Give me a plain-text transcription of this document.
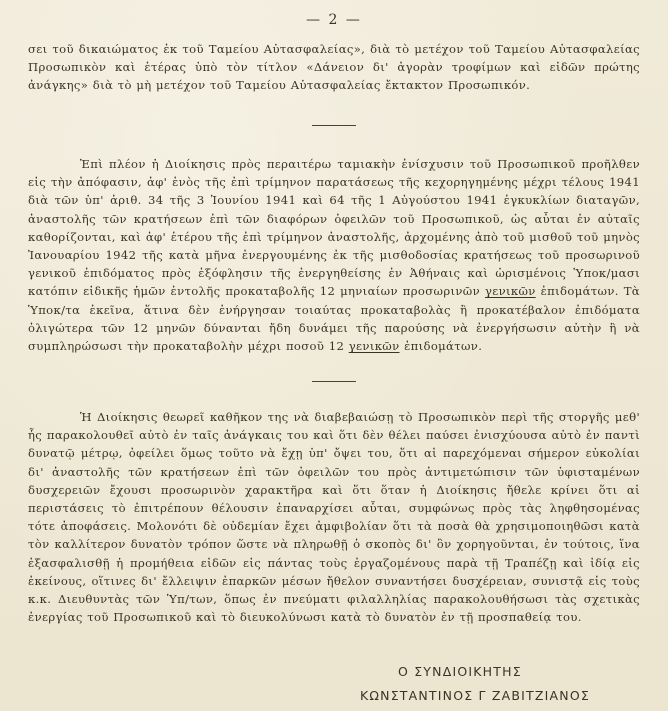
— 2 —

σει τοῦ δικαιώματος ἐκ τοῦ Ταμείου Αὐτασφαλείας», διὰ τὸ μετέχον τοῦ Ταμείου Αὐτασφαλείας Προσωπικὸν καὶ ἑτέρας ὑπὸ τὸν τίτλον «Δάνειον δι' ἀγορὰν τροφίμων καὶ εἰδῶν πρώτης ἀνάγκης» διὰ τὸ μὴ μετέχον τοῦ Ταμείου Αὐτασφαλείας ἔκτακτον Προσωπικόν.

Ἐπὶ πλέον ἡ Διοίκησις πρὸς περαιτέρω ταμιακὴν ἐνίσχυσιν τοῦ Προσωπικοῦ προῆλθεν εἰς τὴν ἀπόφασιν, ἀφ' ἑνὸς τῆς ἐπὶ τρίμηνον παρατάσεως τῆς κεχορηγημένης μέχρι τέλους 1941 διὰ τῶν ὑπ' ἀριθ. 34 τῆς 3 Ἰουνίου 1941 καὶ 64 τῆς 1 Αὐγούστου 1941 ἐγκυκλίων διαταγῶν, ἀναστολῆς τῶν κρατήσεων ἐπὶ τῶν διαφόρων ὀφειλῶν τοῦ Προσωπικοῦ, ὡς αὗται ἐν αὐταῖς καθορίζονται, καὶ ἀφ' ἑτέρου τῆς ἐπὶ τρίμηνον ἀναστολῆς, ἀρχομένης ἀπὸ τοῦ μισθοῦ τοῦ μηνὸς Ἰανουαρίου 1942 τῆς κατὰ μῆνα ἐνεργουμένης ἐκ τῆς μισθοδοσίας κρατήσεως τοῦ προσωρινοῦ γενικοῦ ἐπιδόματος πρὸς ἐξόφλησιν τῆς ἐνεργηθείσης ἐν Ἀθήναις καὶ ὡρισμένοις Ὑποκ/μασι κατόπιν εἰδικῆς ἡμῶν ἐντολῆς προκαταβολῆς 12 μηνιαίων προσωρινῶν γενικῶν ἐπιδομάτων. Τὰ Ὑποκ/τα ἐκεῖνα, ἅτινα δὲν ἐνήργησαν τοιαύτας προκαταβολὰς ἢ προκατέβαλον ἐπιδόματα ὀλιγώτερα τῶν 12 μηνῶν δύνανται ἤδη δυνάμει τῆς παρούσης νὰ ἐνεργήσωσιν αὐτὴν ἢ νὰ συμπληρώσωσι τὴν προκαταβολὴν μέχρι ποσοῦ 12 γενικῶν ἐπιδομάτων.

Ἡ Διοίκησις θεωρεῖ καθῆκον της νὰ διαβεβαιώσῃ τὸ Προσωπικὸν περὶ τῆς στοργῆς μεθ' ἧς παρακολουθεῖ αὐτὸ ἐν ταῖς ἀνάγκαις του καὶ ὅτι δὲν θέλει παύσει ἐνισχύουσα αὐτὸ ἐν παντὶ δυνατῷ μέτρῳ, ὀφείλει ὅμως τοῦτο νὰ ἔχῃ ὑπ' ὄψει του, ὅτι αἱ παρεχόμεναι σήμερον εὐκολίαι δι' ἀναστολῆς τῶν κρατήσεων ἐπὶ τῶν ὀφειλῶν του πρὸς ἀντιμετώπισιν τῶν ὑφισταμένων δυσχερειῶν ἔχουσι προσωρινὸν χαρακτῆρα καὶ ὅτι ὅταν ἡ Διοίκησις ἤθελε κρίνει ὅτι αἱ περιστάσεις τὸ ἐπιτρέπουν θέλουσιν ἐπαναρχίσει αὗται, συμφώνως πρὸς τὰς ληφθησομένας τότε ἀποφάσεις. Μολονότι δὲ οὐδεμίαν ἔχει ἀμφιβολίαν ὅτι τὰ ποσὰ θὰ χρησιμοποιηθῶσι κατὰ τὸν καλλίτερον δυνατὸν τρόπον ὥστε νὰ πληρωθῇ ὁ σκοπὸς δι' ὃν χορηγοῦνται, ἐν τούτοις, ἵνα ἐξασφαλισθῇ ἡ προμήθεια εἰδῶν εἰς πάντας τοὺς ἐργαζομένους παρὰ τῇ Τραπέζῃ καὶ ἰδίᾳ εἰς ἐκείνους, οἵτινες δι' ἔλλειψιν ἐπαρκῶν μέσων ἤθελον συναντήσει δυσχέρειαν, συνιστᾷ εἰς τοὺς κ.κ. Διευθυντὰς τῶν Ὑπ/των, ὅπως ἐν πνεύματι φιλαλληλίας παρακολουθήσωσι τὰς σχετικὰς ἐνεργίας τοῦ Προσωπικοῦ καὶ τὸ διευκολύνωσι κατὰ τὸ δυνατὸν ἐν τῇ προσπαθείᾳ του.

Ο ΣΥΝΔΙΟΙΚΗΤΗΣ
ΚΩΝΣΤΑΝΤΙΝΟΣ Γ ΖΑΒΙΤΖΙΑΝΟΣ
